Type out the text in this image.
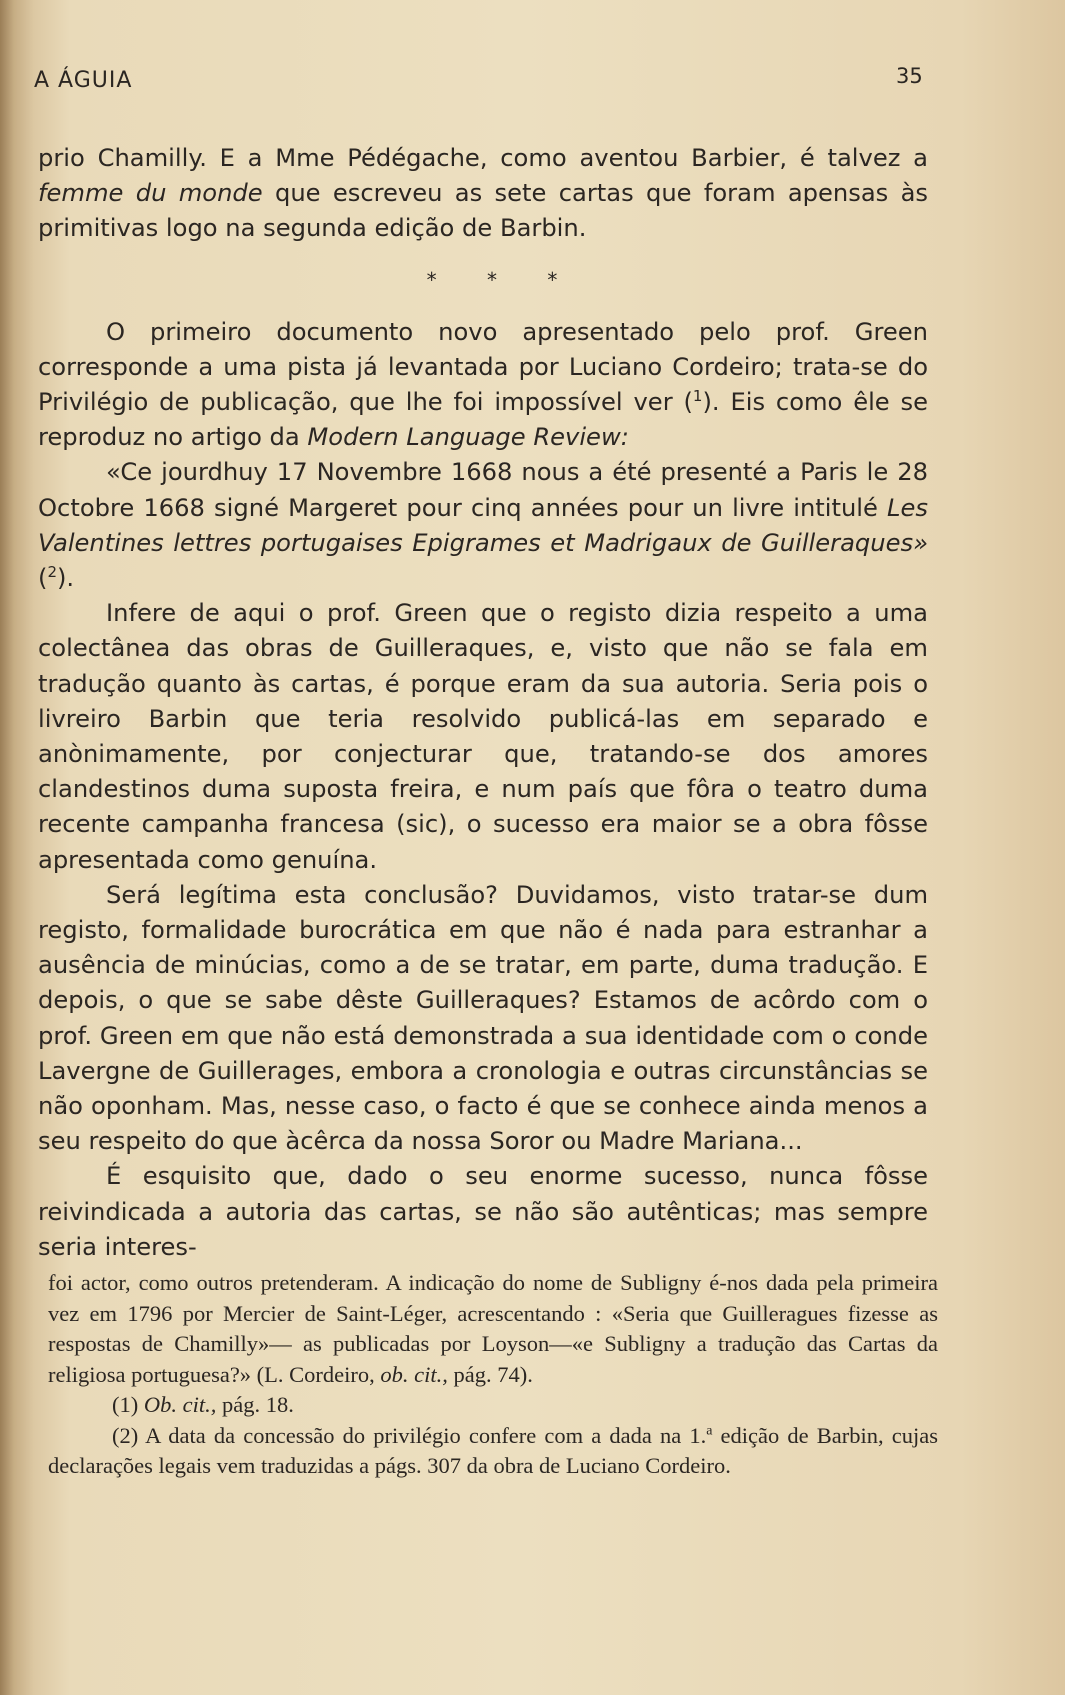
A ÁGUIA	35

prio Chamilly. E a Mme Pédégache, como aventou Barbier, é talvez a femme du monde que escreveu as sete cartas que foram apensas às primitivas logo na segunda edição de Barbin.

* * *

O primeiro documento novo apresentado pelo prof. Green corresponde a uma pista já levantada por Luciano Cordeiro; trata-se do Privilégio de publicação, que lhe foi impossível ver ($^1$). Eis como êle se reproduz no artigo da Modern Language Review:

«Ce jourdhuy 17 Novembre 1668 nous a été presenté a Paris le 28 Octobre 1668 signé Margeret pour cinq années pour un livre intitulé Les Valentines lettres portugaises Epigrames et Madrigaux de Guilleraques» ($^2$).

Infere de aqui o prof. Green que o registo dizia respeito a uma colectânea das obras de Guilleraques, e, visto que não se fala em tradução quanto às cartas, é porque eram da sua autoria. Seria pois o livreiro Barbin que teria resolvido publicá-las em separado e anònimamente, por conjecturar que, tratando-se dos amores clandestinos duma suposta freira, e num país que fôra o teatro duma recente campanha francesa (sic), o sucesso era maior se a obra fôsse apresentada como genuína.

Será legítima esta conclusão? Duvidamos, visto tratar-se dum registo, formalidade burocrática em que não é nada para estranhar a ausência de minúcias, como a de se tratar, em parte, duma tradução. E depois, o que se sabe dêste Guilleraques? Estamos de acôrdo com o prof. Green em que não está demonstrada a sua identidade com o conde Lavergne de Guillerages, embora a cronologia e outras circunstâncias se não oponham. Mas, nesse caso, o facto é que se conhece ainda menos a seu respeito do que àcêrca da nossa Soror ou Madre Mariana...

É esquisito que, dado o seu enorme sucesso, nunca fôsse reivindicada a autoria das cartas, se não são autênticas; mas sempre seria interes-

foi actor, como outros pretenderam. A indicação do nome de Subligny é-nos dada pela primeira vez em 1796 por Mercier de Saint-Léger, acrescentando : «Seria que Guilleragues fizesse as respostas de Chamilly»— as publicadas por Loyson—«e Subligny a tradução das Cartas da religiosa portuguesa?» (L. Cordeiro, ob. cit., pág. 74).

(1) Ob. cit., pág. 18.

(2) A data da concessão do privilégio confere com a dada na 1.$^a$ edição de Barbin, cujas declarações legais vem traduzidas a págs. 307 da obra de Luciano Cordeiro.
